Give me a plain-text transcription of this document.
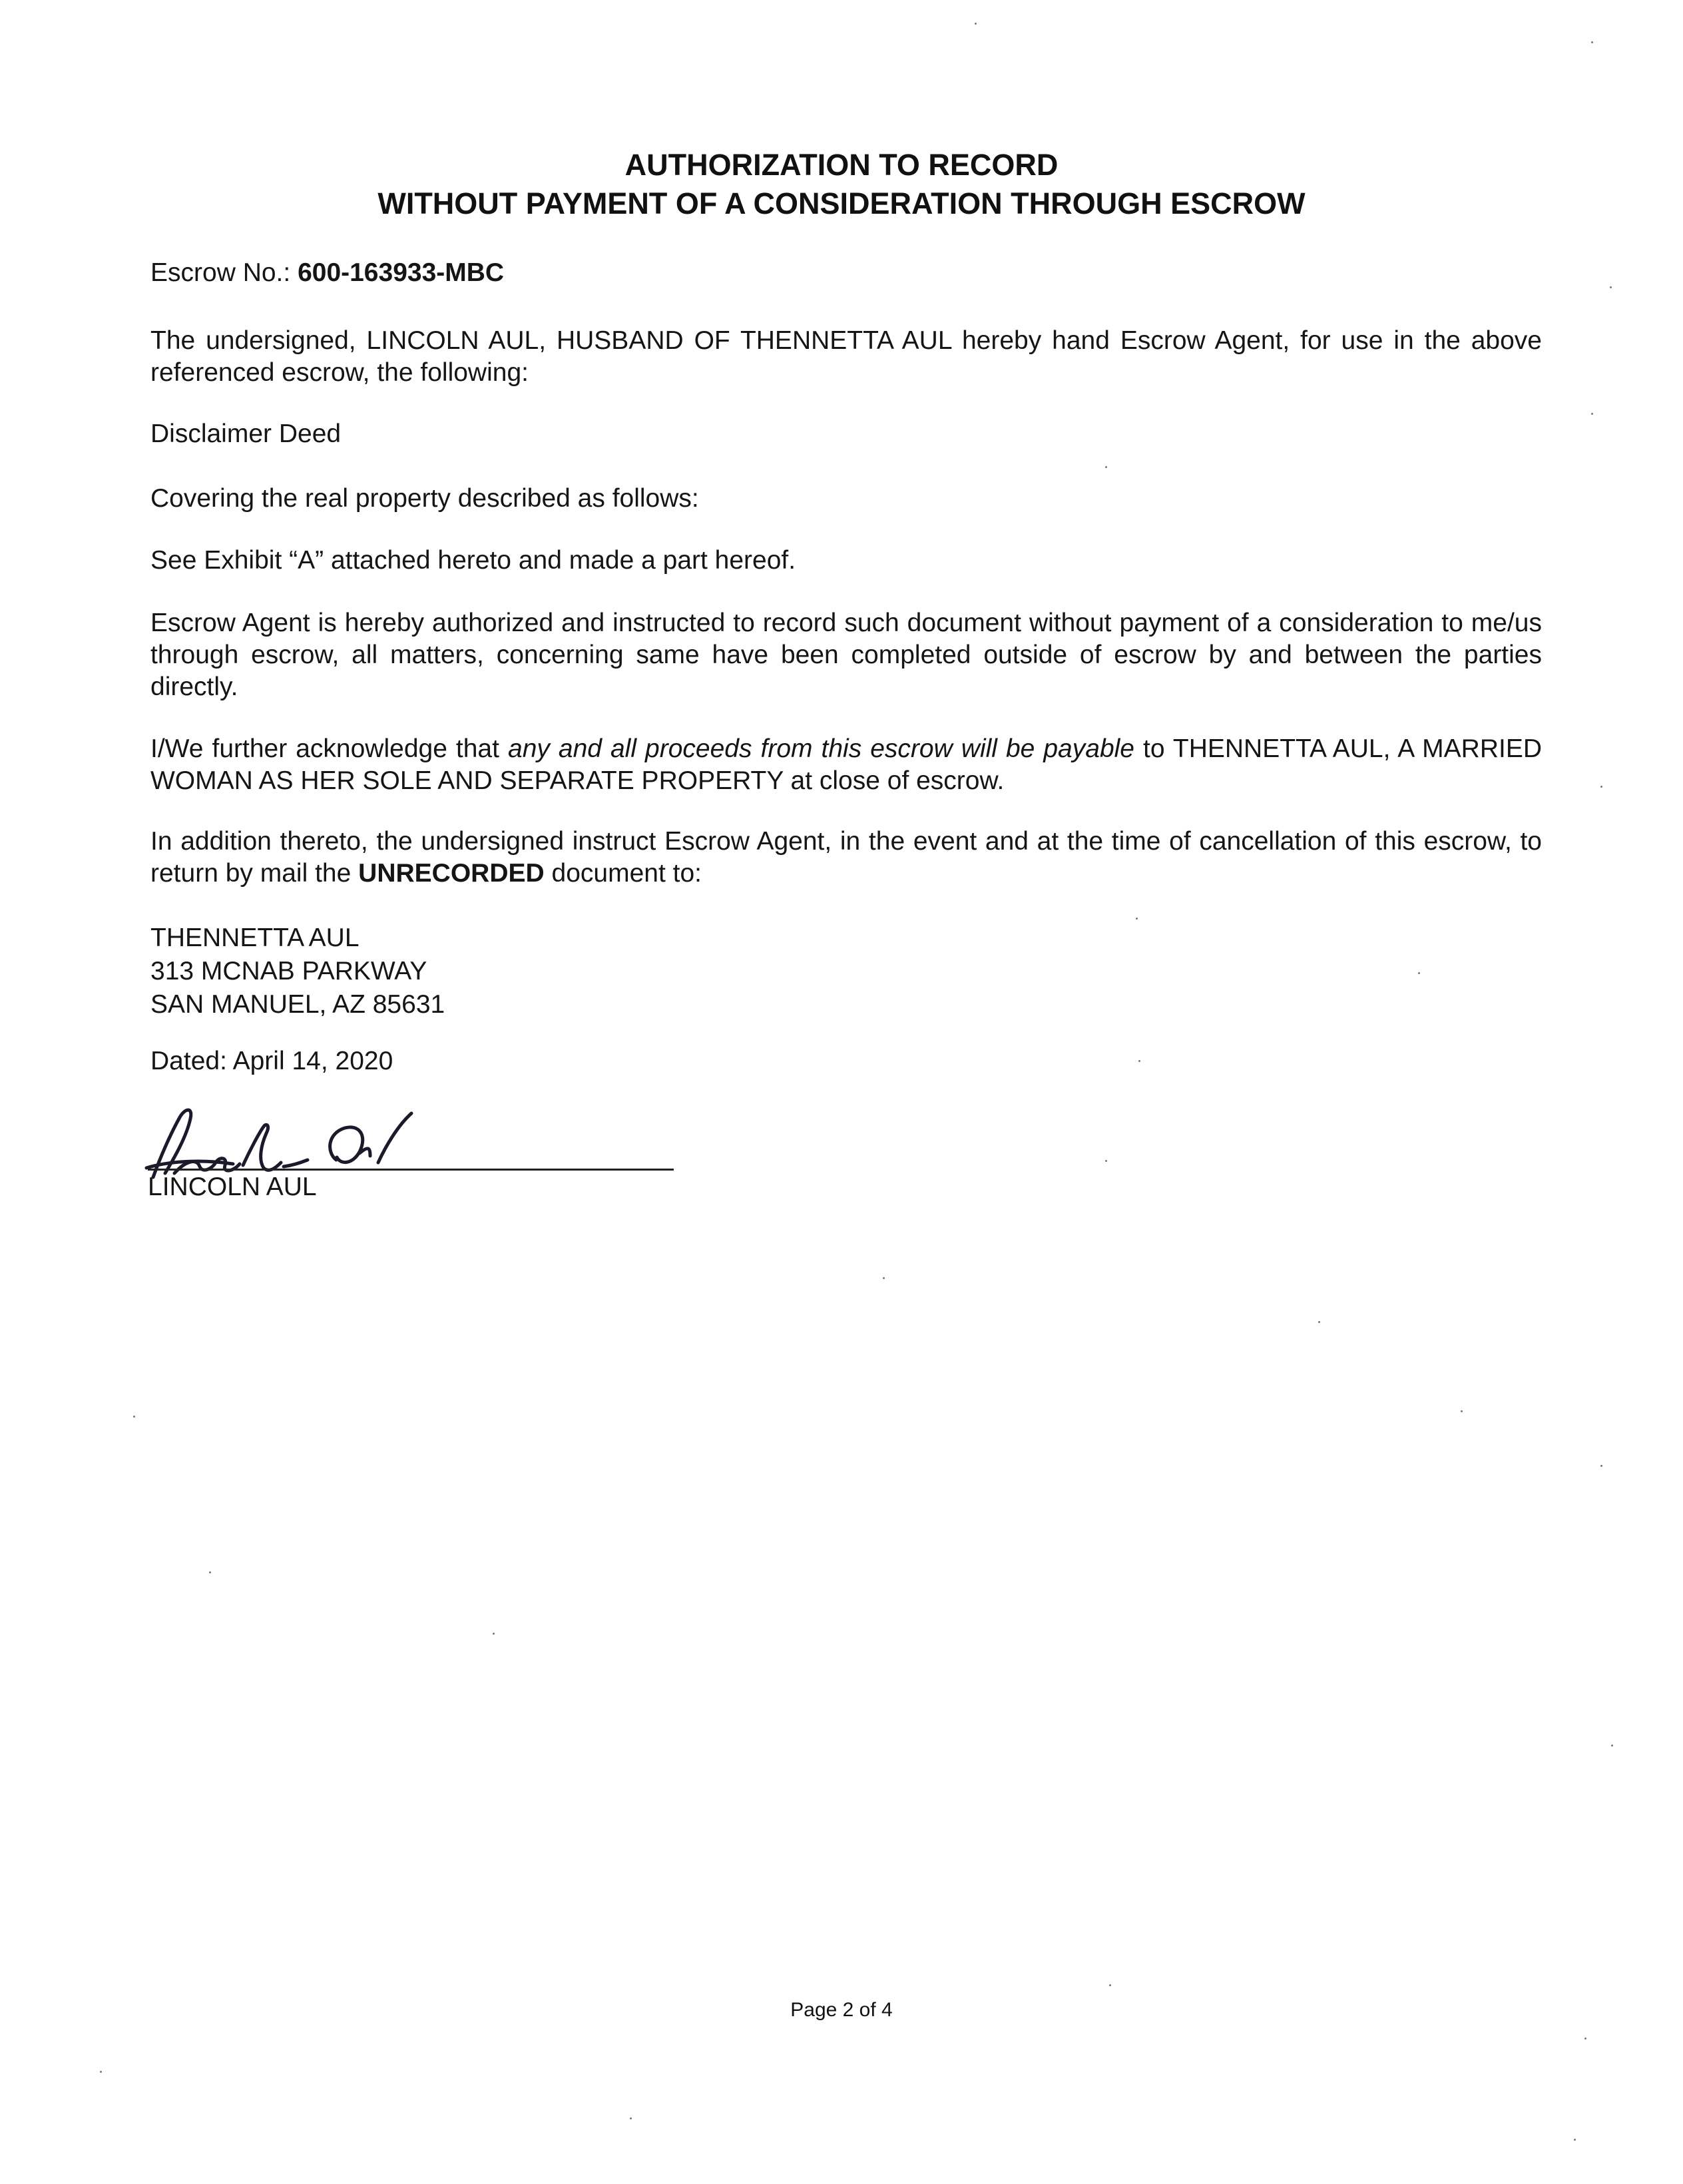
AUTHORIZATION TO RECORD
WITHOUT PAYMENT OF A CONSIDERATION THROUGH ESCROW
Escrow No.: 600-163933-MBC

The undersigned, LINCOLN AUL, HUSBAND OF THENNETTA AUL hereby hand Escrow Agent, for use in the above referenced escrow, the following:

Disclaimer Deed
Covering the real property described as follows:
See Exhibit “A” attached hereto and made a part hereof.

Escrow Agent is hereby authorized and instructed to record such document without payment of a consideration to me/us through escrow, all matters, concerning same have been completed outside of escrow by and between the parties directly.

I/We further acknowledge that any and all proceeds from this escrow will be payable to THENNETTA AUL, A MARRIED WOMAN AS HER SOLE AND SEPARATE PROPERTY at close of escrow.

In addition thereto, the undersigned instruct Escrow Agent, in the event and at the time of cancellation of this escrow, to return by mail the UNRECORDED document to:

THENNETTA AUL
313 MCNAB PARKWAY
SAN MANUEL, AZ 85631
Dated: April 14, 2020
LINCOLN AUL
Page 2 of 4
